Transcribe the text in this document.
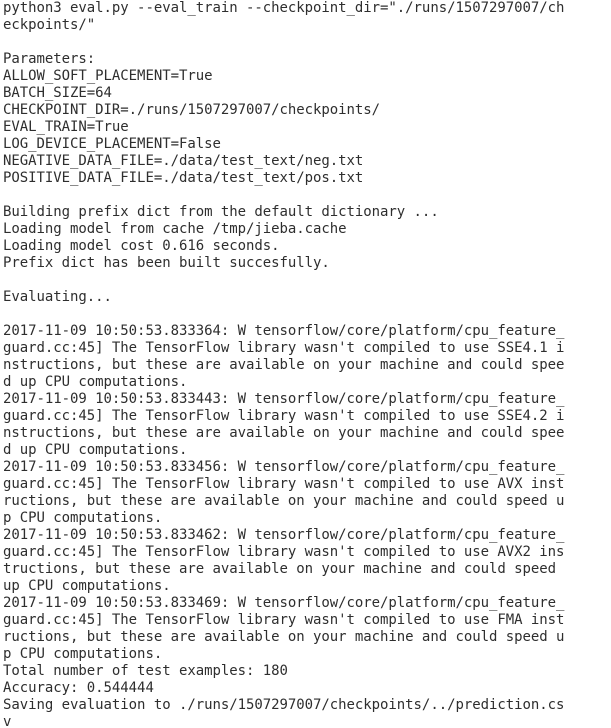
python3 eval.py --eval_train --checkpoint_dir="./runs/1507297007/ch
eckpoints/"
Parameters:
ALLOW_SOFT_PLACEMENT=True
BATCH_SIZE=64
CHECKPOINT_DIR=./runs/1507297007/checkpoints/
EVAL_TRAIN=True
LOG_DEVICE_PLACEMENT=False
NEGATIVE_DATA_FILE=./data/test_text/neg.txt
POSITIVE_DATA_FILE=./data/test_text/pos.txt
Building prefix dict from the default dictionary ...
Loading model from cache /tmp/jieba.cache
Loading model cost 0.616 seconds.
Prefix dict has been built succesfully.
Evaluating...
2017-11-09 10:50:53.833364: W tensorflow/core/platform/cpu_feature_
guard.cc:45] The TensorFlow library wasn't compiled to use SSE4.1 i
nstructions, but these are available on your machine and could spee
d up CPU computations.
2017-11-09 10:50:53.833443: W tensorflow/core/platform/cpu_feature_
guard.cc:45] The TensorFlow library wasn't compiled to use SSE4.2 i
nstructions, but these are available on your machine and could spee
d up CPU computations.
2017-11-09 10:50:53.833456: W tensorflow/core/platform/cpu_feature_
guard.cc:45] The TensorFlow library wasn't compiled to use AVX inst
ructions, but these are available on your machine and could speed u
p CPU computations.
2017-11-09 10:50:53.833462: W tensorflow/core/platform/cpu_feature_
guard.cc:45] The TensorFlow library wasn't compiled to use AVX2 ins
tructions, but these are available on your machine and could speed
up CPU computations.
2017-11-09 10:50:53.833469: W tensorflow/core/platform/cpu_feature_
guard.cc:45] The TensorFlow library wasn't compiled to use FMA inst
ructions, but these are available on your machine and could speed u
p CPU computations.
Total number of test examples: 180
Accuracy: 0.544444
Saving evaluation to ./runs/1507297007/checkpoints/../prediction.cs
v
